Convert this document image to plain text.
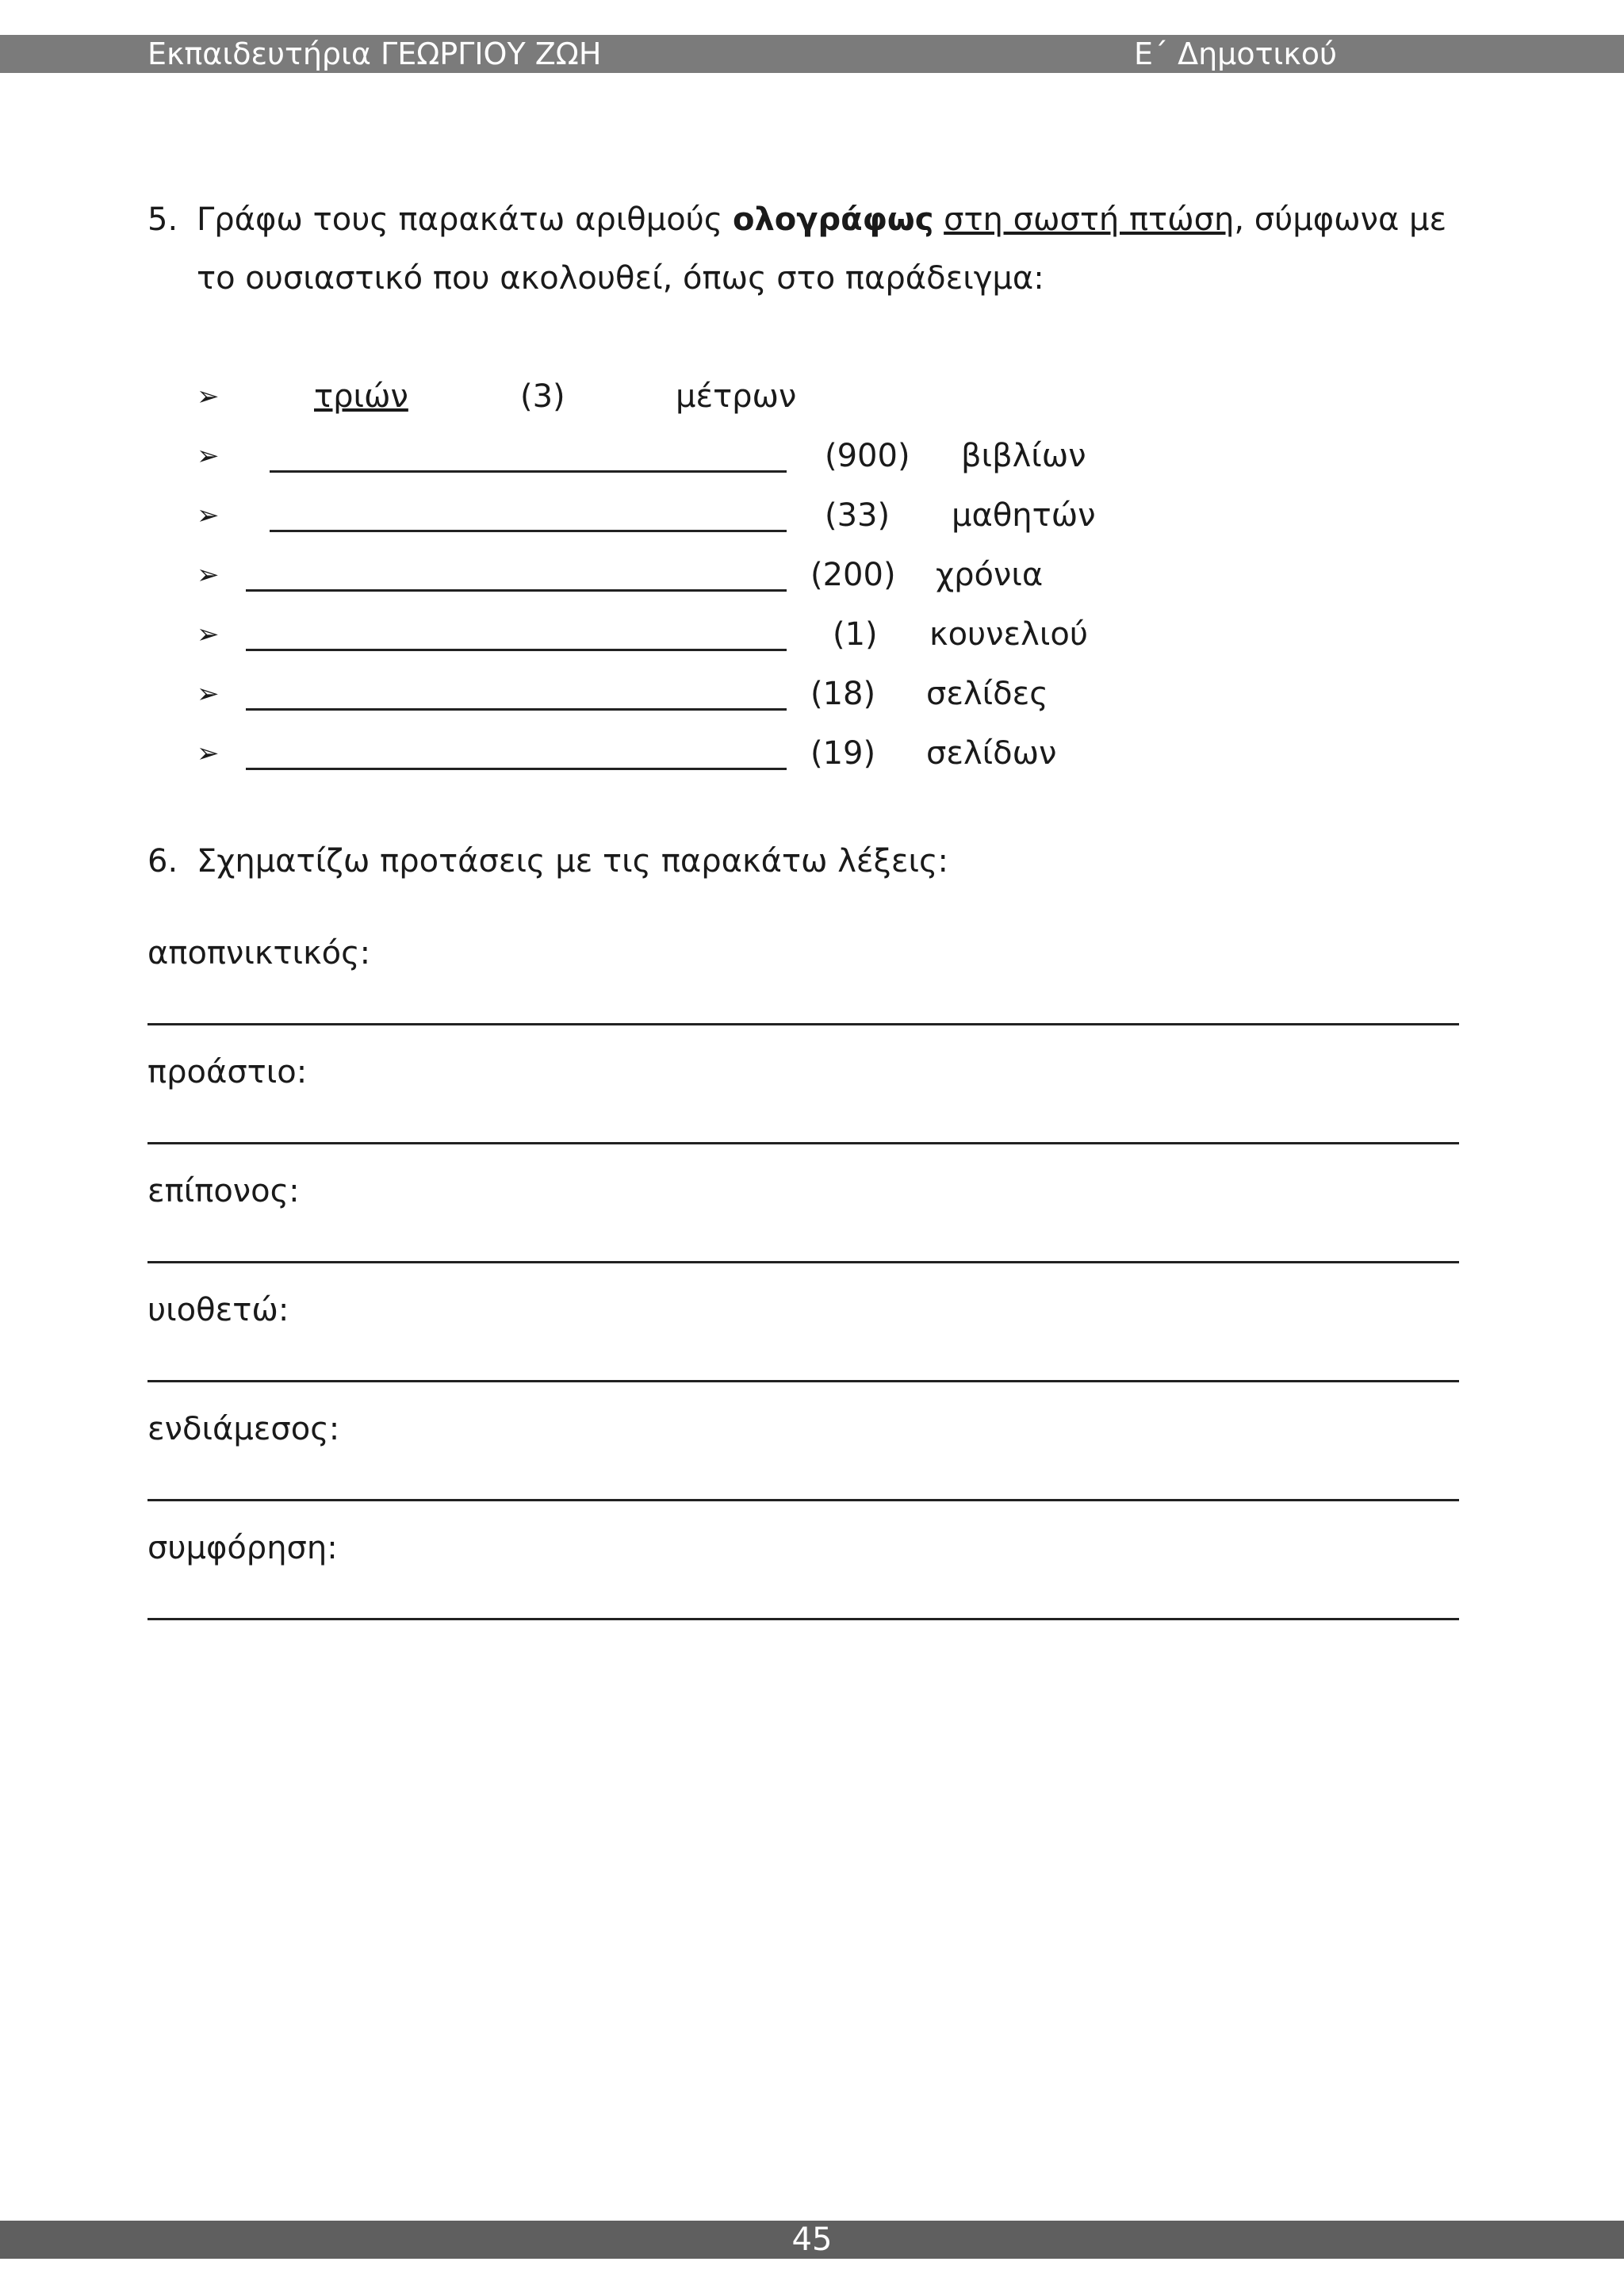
Εκπαιδευτήρια ΓΕΩΡΓΙΟΥ ΖΩΗ	Ε΄ Δημοτικού
5. Γράφω τους παρακάτω αριθμούς ολογράφως στη σωστή πτώση, σύμφωνα με
το ουσιαστικό που ακολουθεί, όπως στο παράδειγμα:
➢	τριών	(3)	μέτρων
➢	(900) βιβλίων
➢	(33) μαθητών
➢	(200) χρόνια
➢	(1) κουνελιού
➢	(18) σελίδες
➢	(19) σελίδων
6. Σχηματίζω προτάσεις με τις παρακάτω λέξεις:
αποπνικτικός:
προάστιο:
επίπονος:
υιοθετώ:
ενδιάμεσος:
συμφόρηση:
45
